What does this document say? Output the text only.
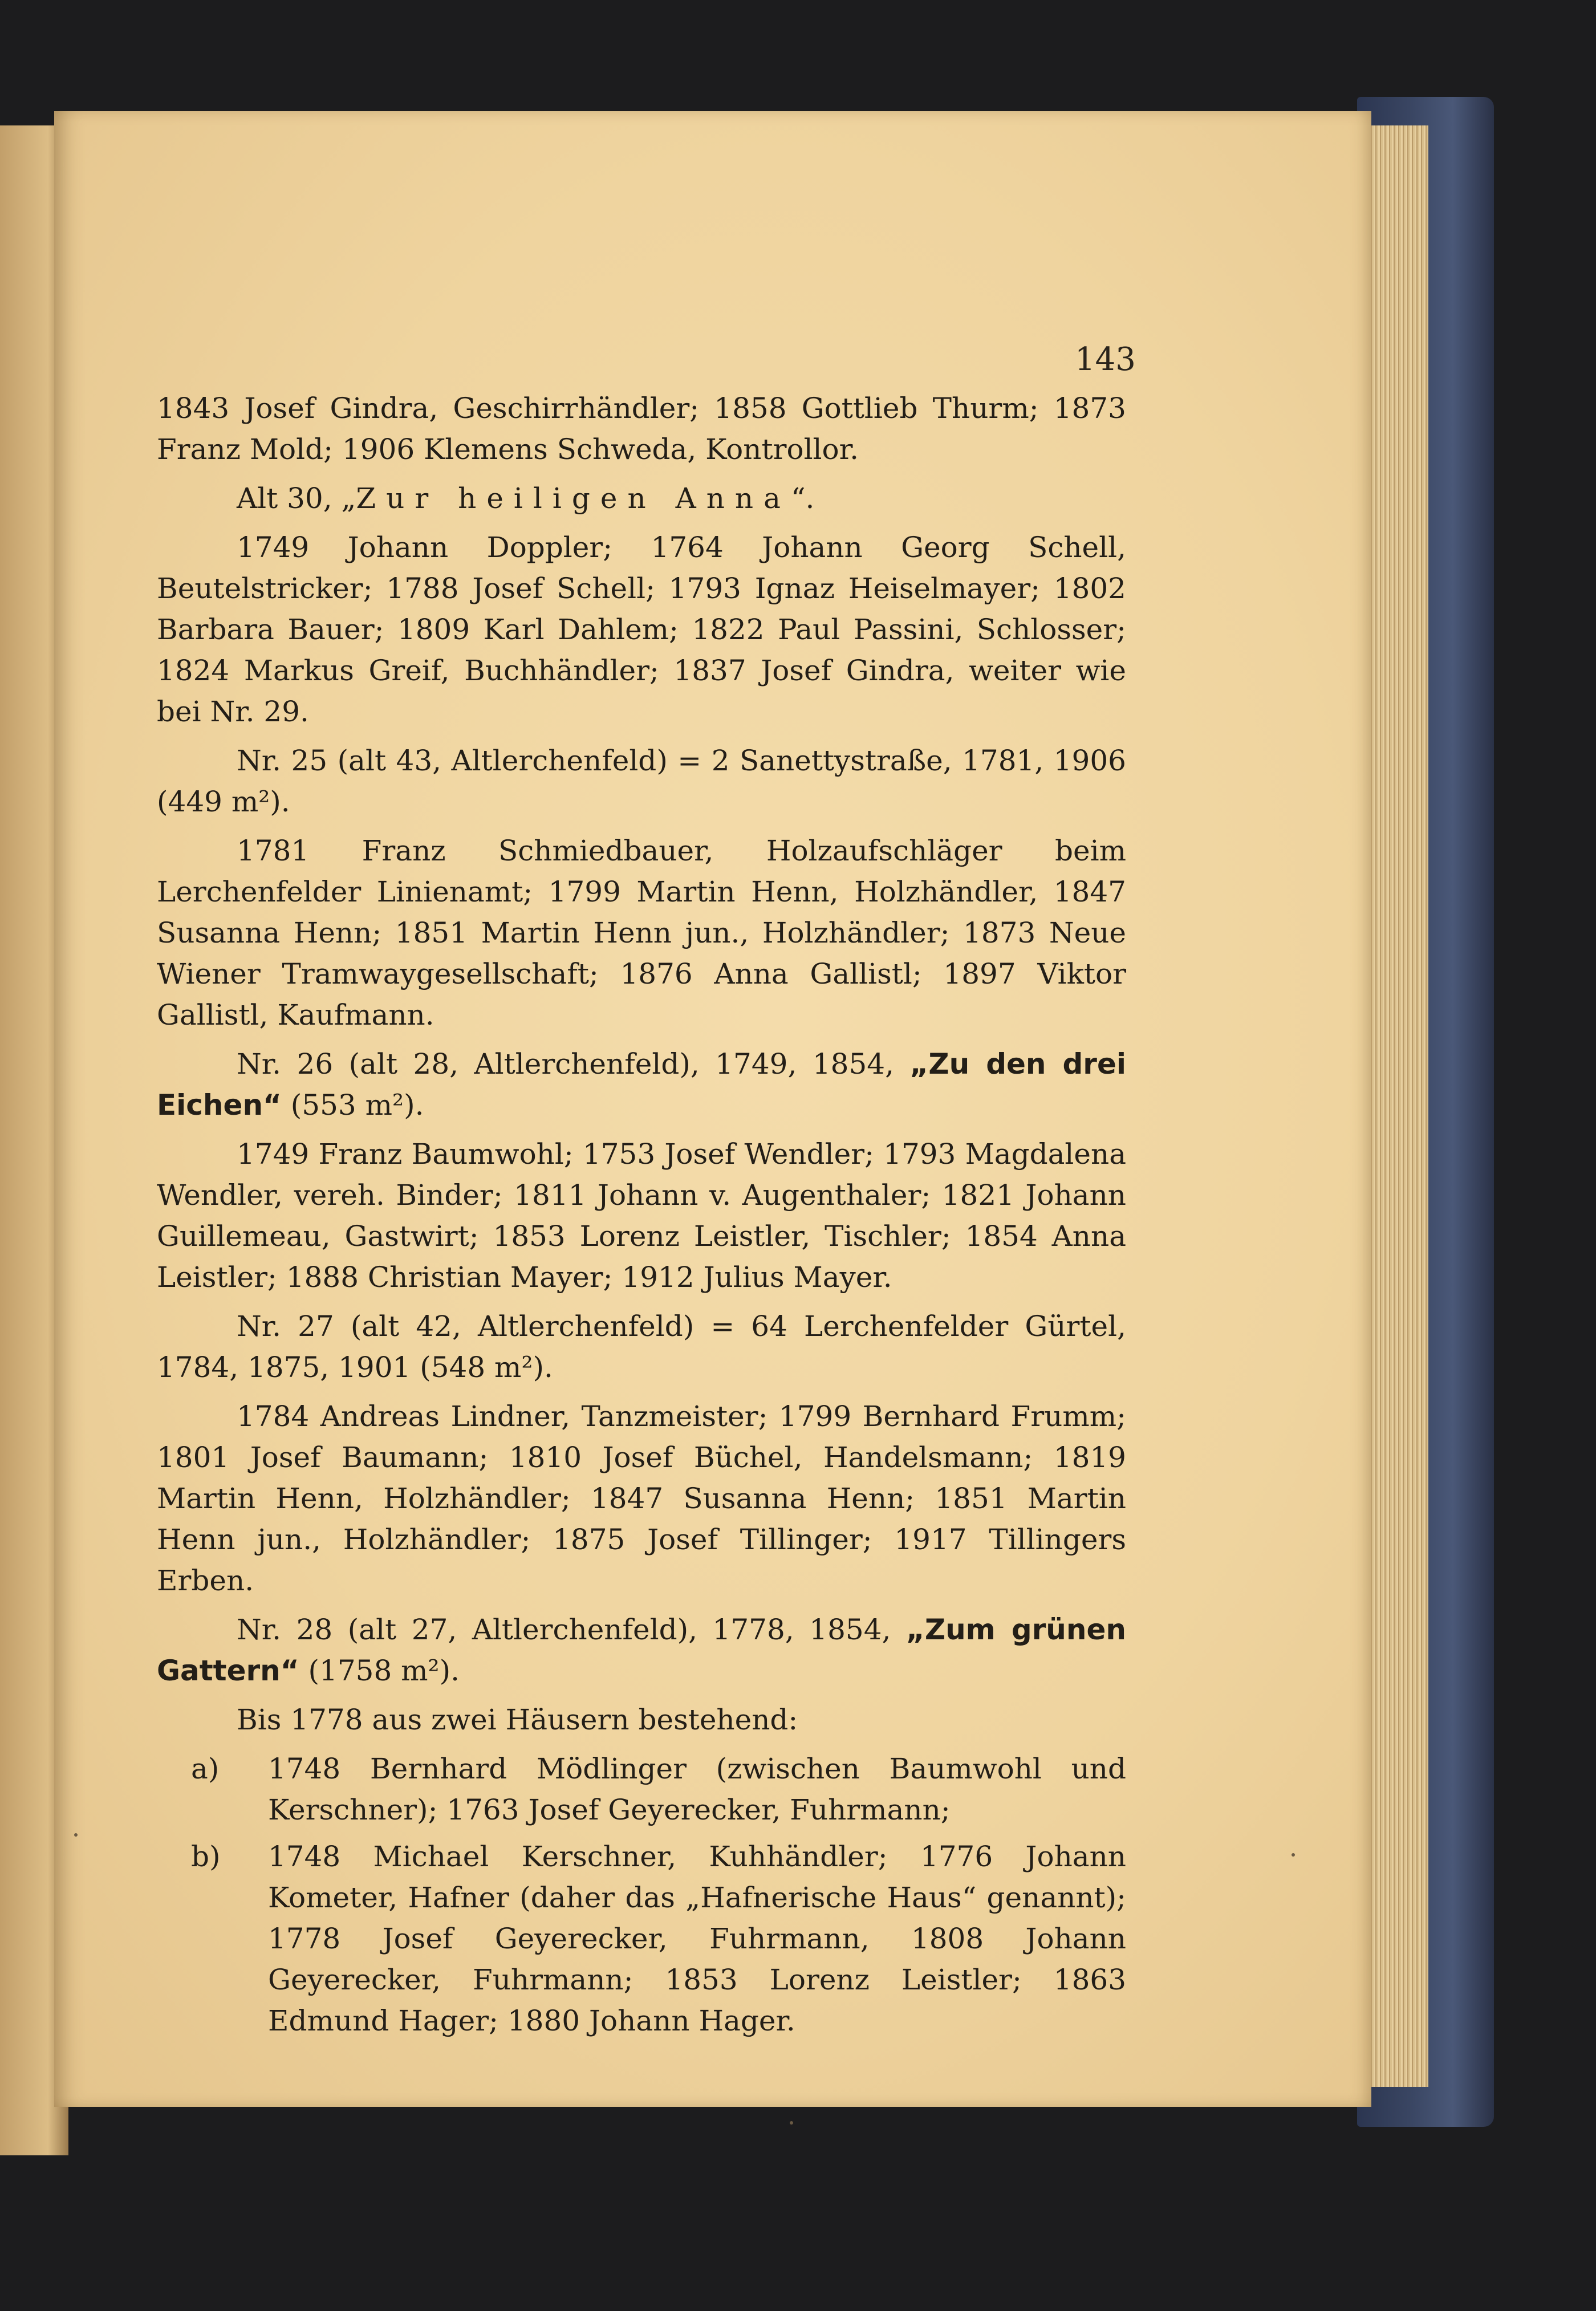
143

1843 Josef Gindra, Geschirrhändler; 1858 Gottlieb Thurm; 1873 Franz Mold; 1906 Klemens Schweda, Kontrollor.

Alt 30, „Zur heiligen Anna“.

1749 Johann Doppler; 1764 Johann Georg Schell, Beutelstricker; 1788 Josef Schell; 1793 Ignaz Heiselmayer; 1802 Barbara Bauer; 1809 Karl Dahlem; 1822 Paul Passini, Schlosser; 1824 Markus Greif, Buchhändler; 1837 Josef Gindra, weiter wie bei Nr. 29.

Nr. 25 (alt 43, Altlerchenfeld) = 2 Sanettystraße, 1781, 1906 (449 m²).

1781 Franz Schmiedbauer, Holzaufschläger beim Lerchenfelder Linienamt; 1799 Martin Henn, Holzhändler, 1847 Susanna Henn; 1851 Martin Henn jun., Holzhändler; 1873 Neue Wiener Tramwaygesellschaft; 1876 Anna Gallistl; 1897 Viktor Gallistl, Kaufmann.

Nr. 26 (alt 28, Altlerchenfeld), 1749, 1854, „Zu den drei Eichen“ (553 m²).

1749 Franz Baumwohl; 1753 Josef Wendler; 1793 Magdalena Wendler, vereh. Binder; 1811 Johann v. Augenthaler; 1821 Johann Guillemeau, Gastwirt; 1853 Lorenz Leistler, Tischler; 1854 Anna Leistler; 1888 Christian Mayer; 1912 Julius Mayer.

Nr. 27 (alt 42, Altlerchenfeld) = 64 Lerchenfelder Gürtel, 1784, 1875, 1901 (548 m²).

1784 Andreas Lindner, Tanzmeister; 1799 Bernhard Frumm; 1801 Josef Baumann; 1810 Josef Büchel, Handelsmann; 1819 Martin Henn, Holzhändler; 1847 Susanna Henn; 1851 Martin Henn jun., Holzhändler; 1875 Josef Tillinger; 1917 Tillingers Erben.

Nr. 28 (alt 27, Altlerchenfeld), 1778, 1854, „Zum grünen Gattern“ (1758 m²).

Bis 1778 aus zwei Häusern bestehend:

a) 1748 Bernhard Mödlinger (zwischen Baumwohl und Kerschner); 1763 Josef Geyerecker, Fuhrmann;
b) 1748 Michael Kerschner, Kuhhändler; 1776 Johann Kometer, Hafner (daher das „Hafnerische Haus“ genannt); 1778 Josef Geyerecker, Fuhrmann, 1808 Johann Geyerecker, Fuhrmann; 1853 Lorenz Leistler; 1863 Edmund Hager; 1880 Johann Hager.
